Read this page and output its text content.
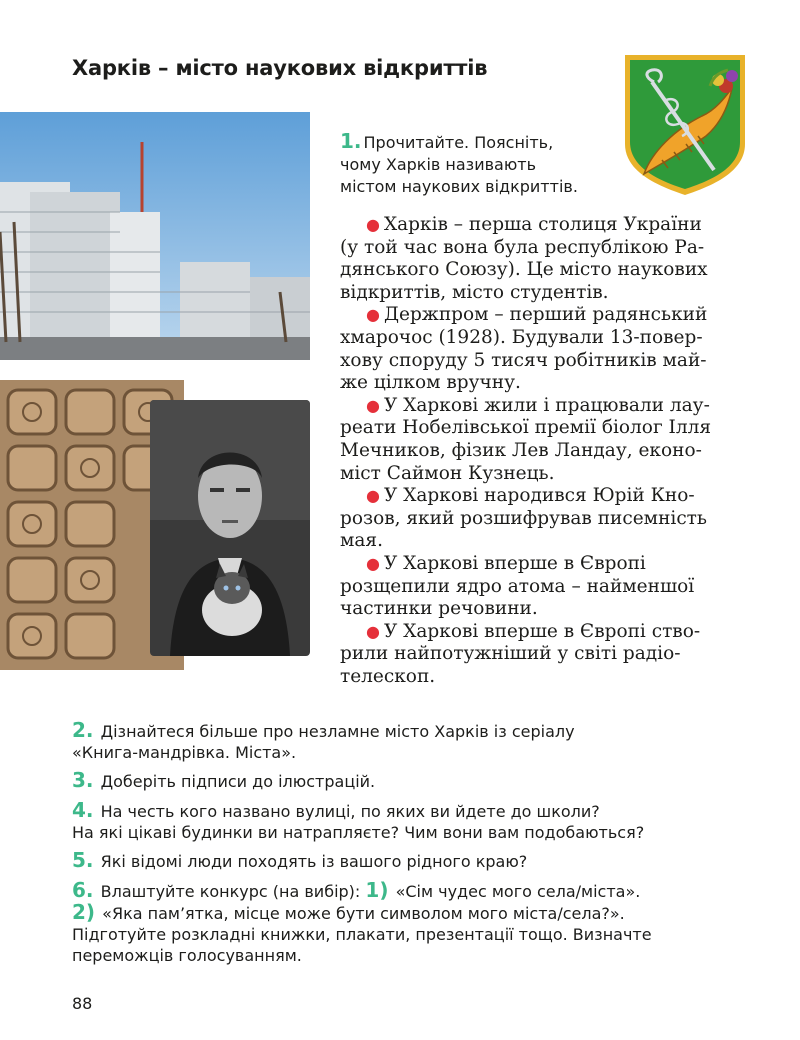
Харків – місто наукових відкриттів
1. Прочитайте. Поясніть,
чому Харків називають
містом наукових відкриттів.

● Харків – перша столиця України
(у той час вона була республікою Ра-
дянського Союзу). Це місто наукових
відкриттів, місто студентів.

● Держпром – перший радянський
хмарочос (1928). Будували 13-повер-
хову споруду 5 тисяч робітників май-
же цілком вручну.

● У Харкові жили і працювали лау-
реати Нобелівської премії біолог Ілля
Мечников, фізик Лев Ландау, еконо-
міст Саймон Кузнець.

● У Харкові народився Юрій Кно-
розов, який розшифрував писемність
мая.

● У Харкові вперше в Європі
розщепили ядро атома – найменшої
частинки речовини.

● У Харкові вперше в Європі ство-
рили найпотужніший у світі радіо-
телескоп.

2. Дізнайтеся більше про незламне місто Харків із серіалу
«Книга-мандрівка. Міста».
3. Доберіть підписи до ілюстрацій.
4. На честь кого названо вулиці, по яких ви йдете до школи?
На які цікаві будинки ви натрапляєте? Чим вони вам подобаються?
5. Які відомі люди походять із вашого рідного краю?
6. Влаштуйте конкурс (на вибір): 1) «Сім чудес мого села/міста».
2) «Яка пам’ятка, місце може бути символом мого міста/села?».
Підготуйте розкладні книжки, плакати, презентації тощо. Визначте
переможців голосуванням.
88
